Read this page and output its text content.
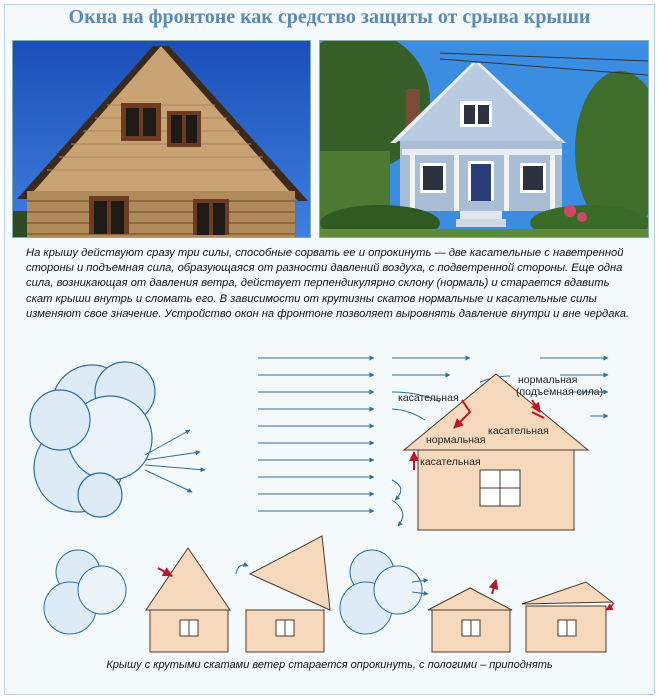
Окна на фронтоне как средство защиты от срыва крыши
На крышу действуют сразу три силы, способные сорвать ее и опрокинуть — две касательные с наветренной стороны и подъемная сила, образующаяся от разности давлений воздуха, с подветренной стороны. Еще одна сила, возникающая от давления ветра, действует перпендикулярно склону (нормаль) и старается вдавить скат крыши внутрь и сломать его. В зависимости от крутизны скатов нормальные и касательные силы изменяют свое значение. Устройство окон на фронтоне позволяет выровнять давление внутри и вне чердака.
касательная
нормальная
касательная
касательная
нормальная
(подъемная сила)
Крышу с крутыми скатами ветер старается опрокинуть, с пологими – приподнять
